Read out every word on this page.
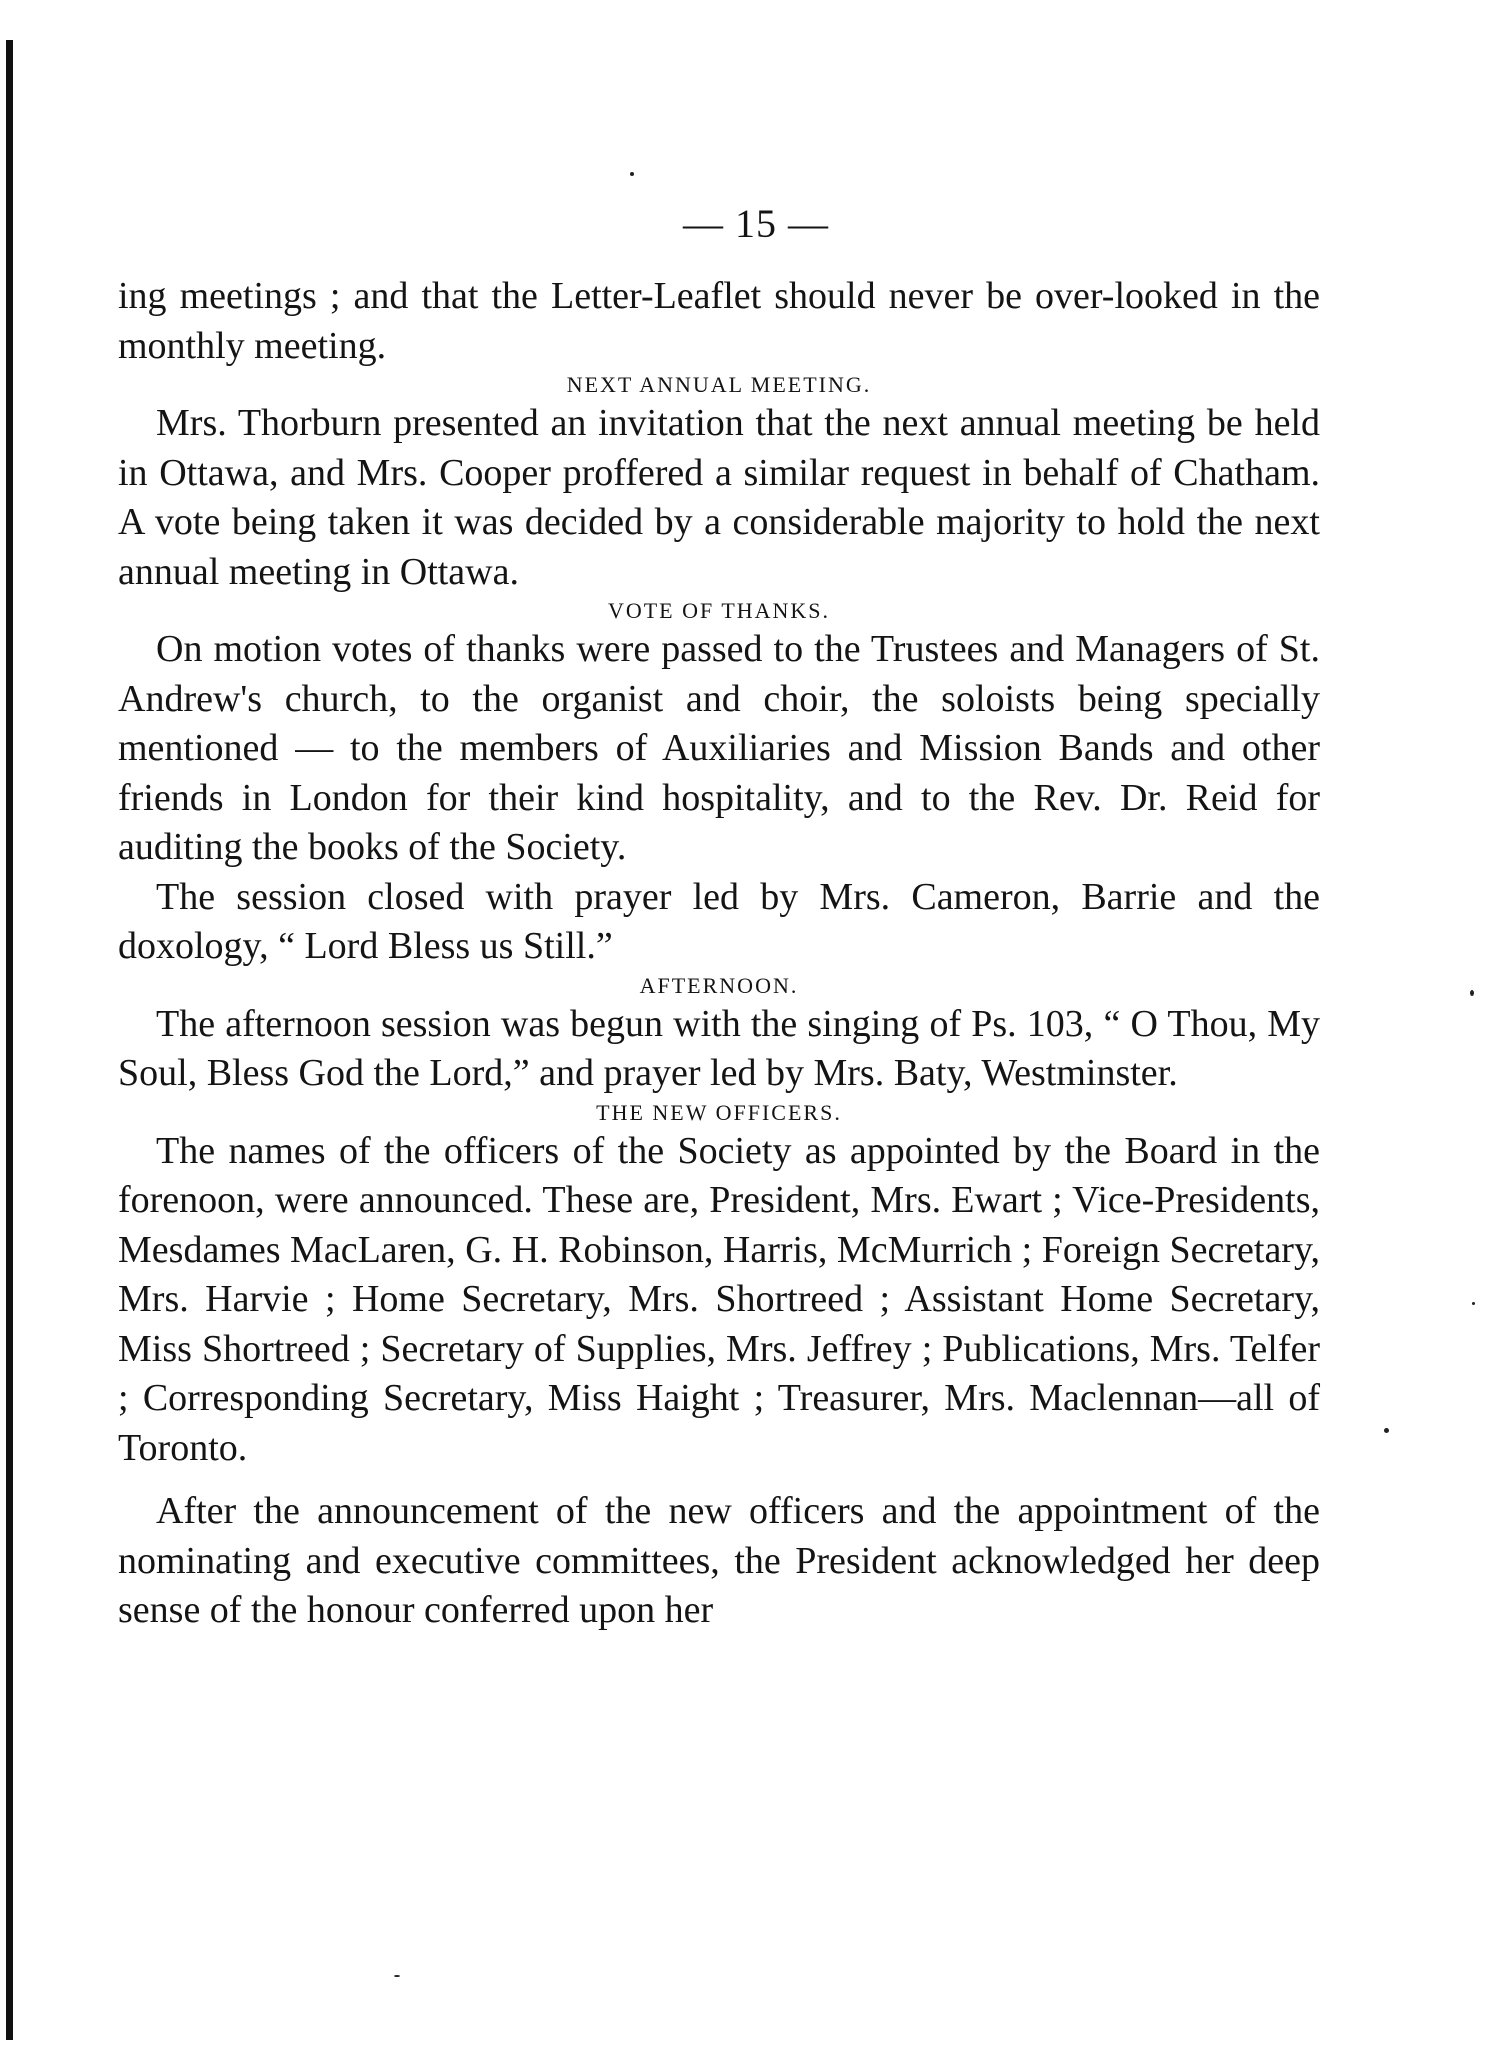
— 15 —

ing meetings ; and that the Letter-Leaflet should never be over-looked in the monthly meeting.

NEXT ANNUAL MEETING.

Mrs. Thorburn presented an invitation that the next annual meeting be held in Ottawa, and Mrs. Cooper proffered a similar request in behalf of Chatham. A vote being taken it was decided by a considerable majority to hold the next annual meeting in Ottawa.

VOTE OF THANKS.

On motion votes of thanks were passed to the Trustees and Managers of St. Andrew's church, to the organist and choir, the soloists being specially mentioned — to the members of Auxiliaries and Mission Bands and other friends in London for their kind hospitality, and to the Rev. Dr. Reid for auditing the books of the Society.

The session closed with prayer led by Mrs. Cameron, Barrie and the doxology, “ Lord Bless us Still.”

AFTERNOON.

The afternoon session was begun with the singing of Ps. 103, “ O Thou, My Soul, Bless God the Lord,” and prayer led by Mrs. Baty, Westminster.

THE NEW OFFICERS.

The names of the officers of the Society as appointed by the Board in the forenoon, were announced. These are, President, Mrs. Ewart ; Vice-Presidents, Mesdames MacLaren, G. H. Robinson, Harris, McMurrich ; Foreign Secretary, Mrs. Harvie ; Home Secretary, Mrs. Shortreed ; Assistant Home Secretary, Miss Shortreed ; Secretary of Supplies, Mrs. Jeffrey ; Publications, Mrs. Telfer ; Corresponding Secretary, Miss Haight ; Treasurer, Mrs. Maclennan—all of Toronto.

After the announcement of the new officers and the appointment of the nominating and executive committees, the President acknowledged her deep sense of the honour conferred upon her
